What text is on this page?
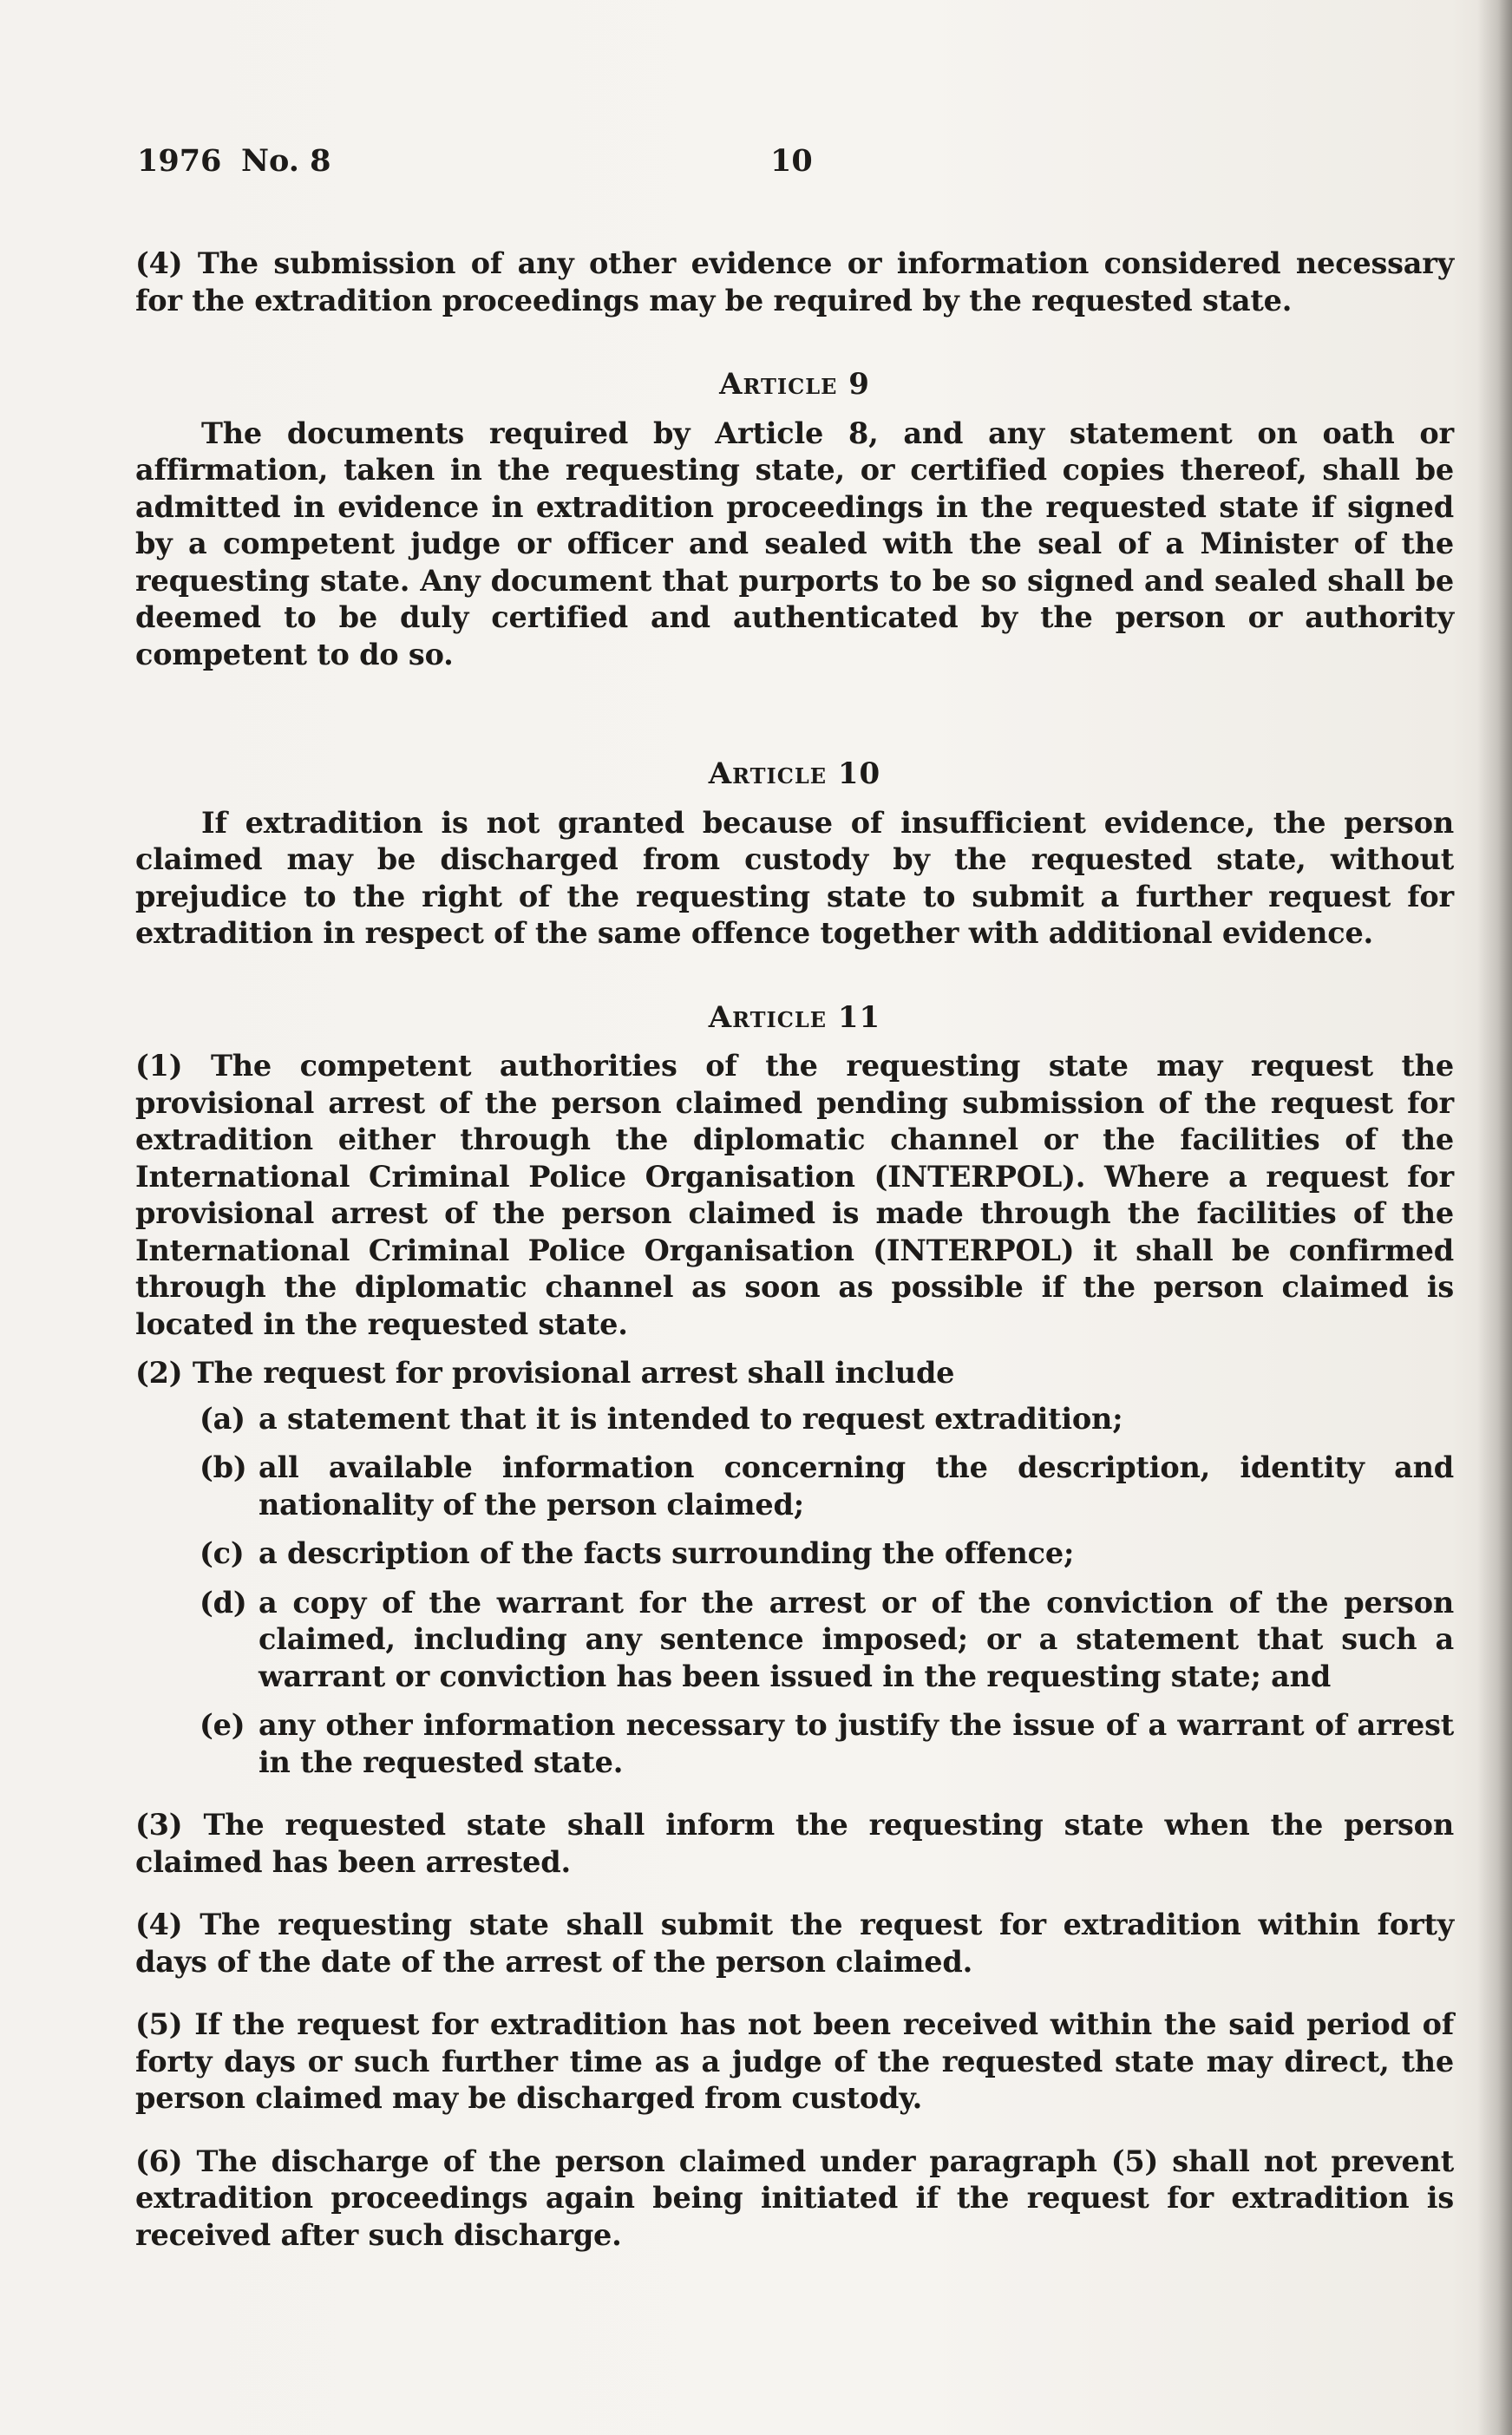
1976 No. 8	10

(4) The submission of any other evidence or information considered necessary for the extradition proceedings may be required by the requested state.

Article 9

The documents required by Article 8, and any statement on oath or affirmation, taken in the requesting state, or certified copies thereof, shall be admitted in evidence in extradition proceedings in the requested state if signed by a competent judge or officer and sealed with the seal of a Minister of the requesting state. Any document that purports to be so signed and sealed shall be deemed to be duly certified and authenticated by the person or authority competent to do so.

Article 10

If extradition is not granted because of insufficient evidence, the person claimed may be discharged from custody by the requested state, without prejudice to the right of the requesting state to submit a further request for extradition in respect of the same offence together with additional evidence.

Article 11

(1) The competent authorities of the requesting state may request the provisional arrest of the person claimed pending submission of the request for extradition either through the diplomatic channel or the facilities of the International Criminal Police Organisation (INTERPOL). Where a request for provisional arrest of the person claimed is made through the facilities of the International Criminal Police Organisation (INTERPOL) it shall be confirmed through the diplomatic channel as soon as possible if the person claimed is located in the requested state.

(2) The request for provisional arrest shall include

(a) a statement that it is intended to request extradition;
(b) all available information concerning the description, identity and nationality of the person claimed;
(c) a description of the facts surrounding the offence;
(d) a copy of the warrant for the arrest or of the conviction of the person claimed, including any sentence imposed; or a statement that such a warrant or conviction has been issued in the requesting state; and
(e) any other information necessary to justify the issue of a warrant of arrest in the requested state.

(3) The requested state shall inform the requesting state when the person claimed has been arrested.

(4) The requesting state shall submit the request for extradition within forty days of the date of the arrest of the person claimed.

(5) If the request for extradition has not been received within the said period of forty days or such further time as a judge of the requested state may direct, the person claimed may be discharged from custody.

(6) The discharge of the person claimed under paragraph (5) shall not prevent extradition proceedings again being initiated if the request for extradition is received after such discharge.
